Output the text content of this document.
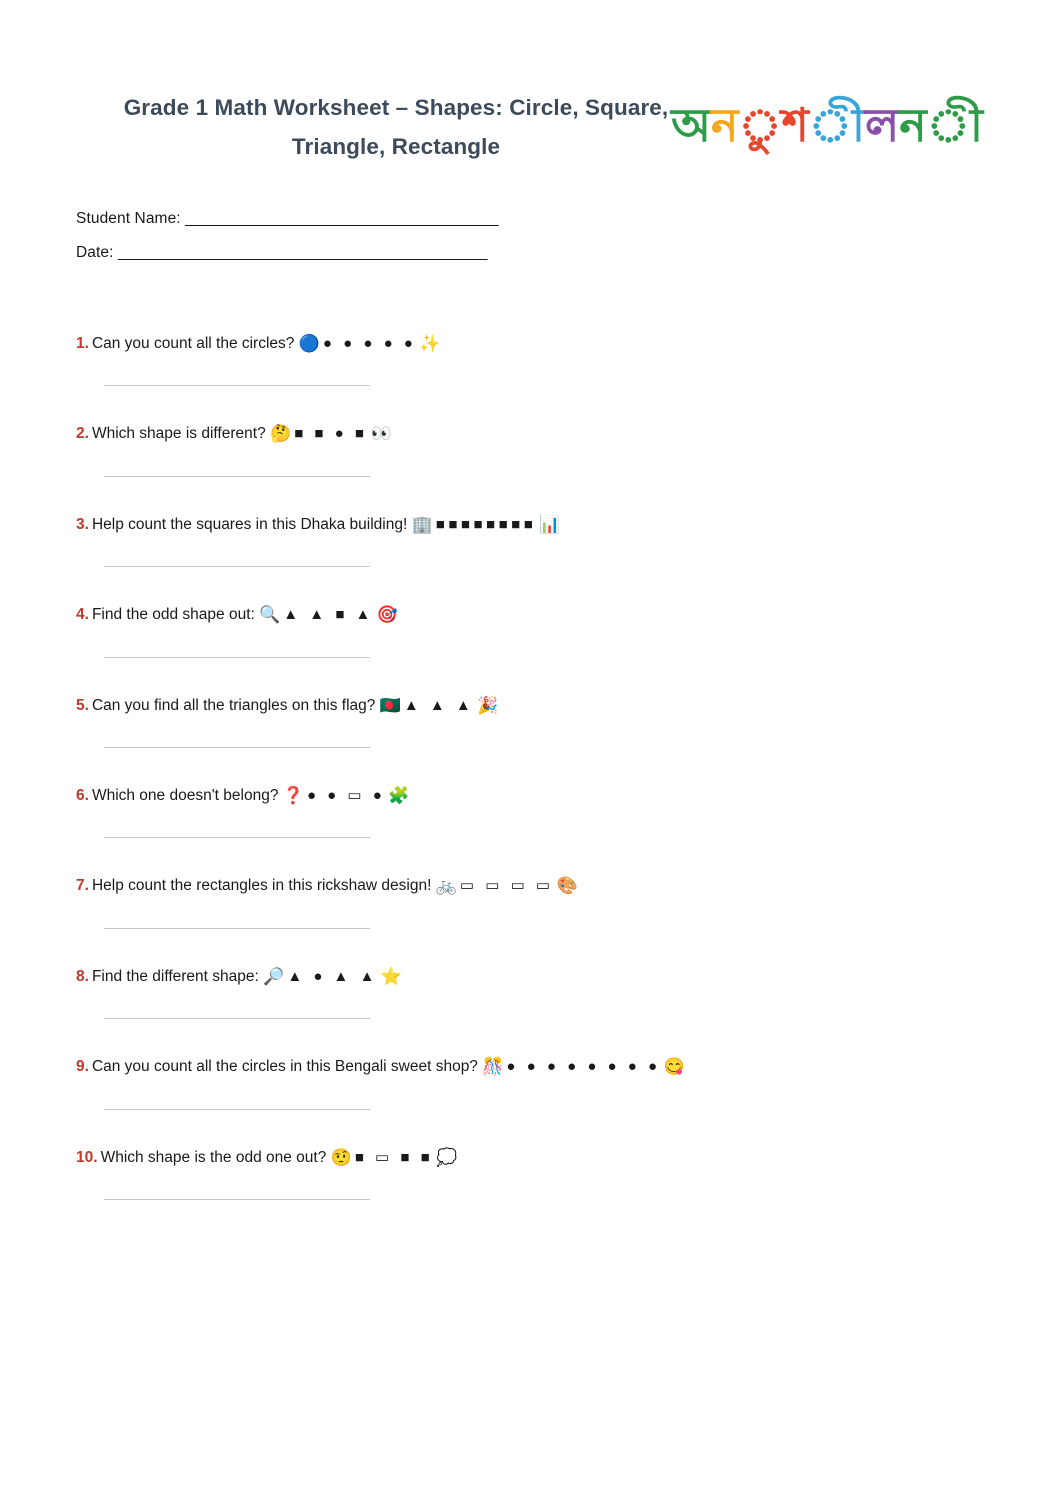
Grade 1 Math Worksheet – Shapes: Circle, Square, Triangle, Rectangle	অনুশীলনী
Student Name: _______________________________________
Date: ______________________________________________
1. Can you count all the circles? 🔵 ● ● ● ● ● ✨
2. Which shape is different? 🤔 ■ ■ ● ■ 👀
3. Help count the squares in this Dhaka building! 🏢 ■■■■■■■■ 📊
4. Find the odd shape out: 🔍 ▲ ▲ ■ ▲ 🎯
5. Can you find all the triangles on this flag? 🇧🇩 ▲ ▲ ▲ 🎉
6. Which one doesn't belong? ❓ ● ● ▭ ● 🧩
7. Help count the rectangles in this rickshaw design! 🚲 ▭ ▭ ▭ ▭ 🎨
8. Find the different shape: 🔎 ▲ ● ▲ ▲ ⭐
9. Can you count all the circles in this Bengali sweet shop? 🎊 ● ● ● ● ● ● ● ● 😋
10. Which shape is the odd one out? 🤨 ■ ▭ ■ ■ 💭
